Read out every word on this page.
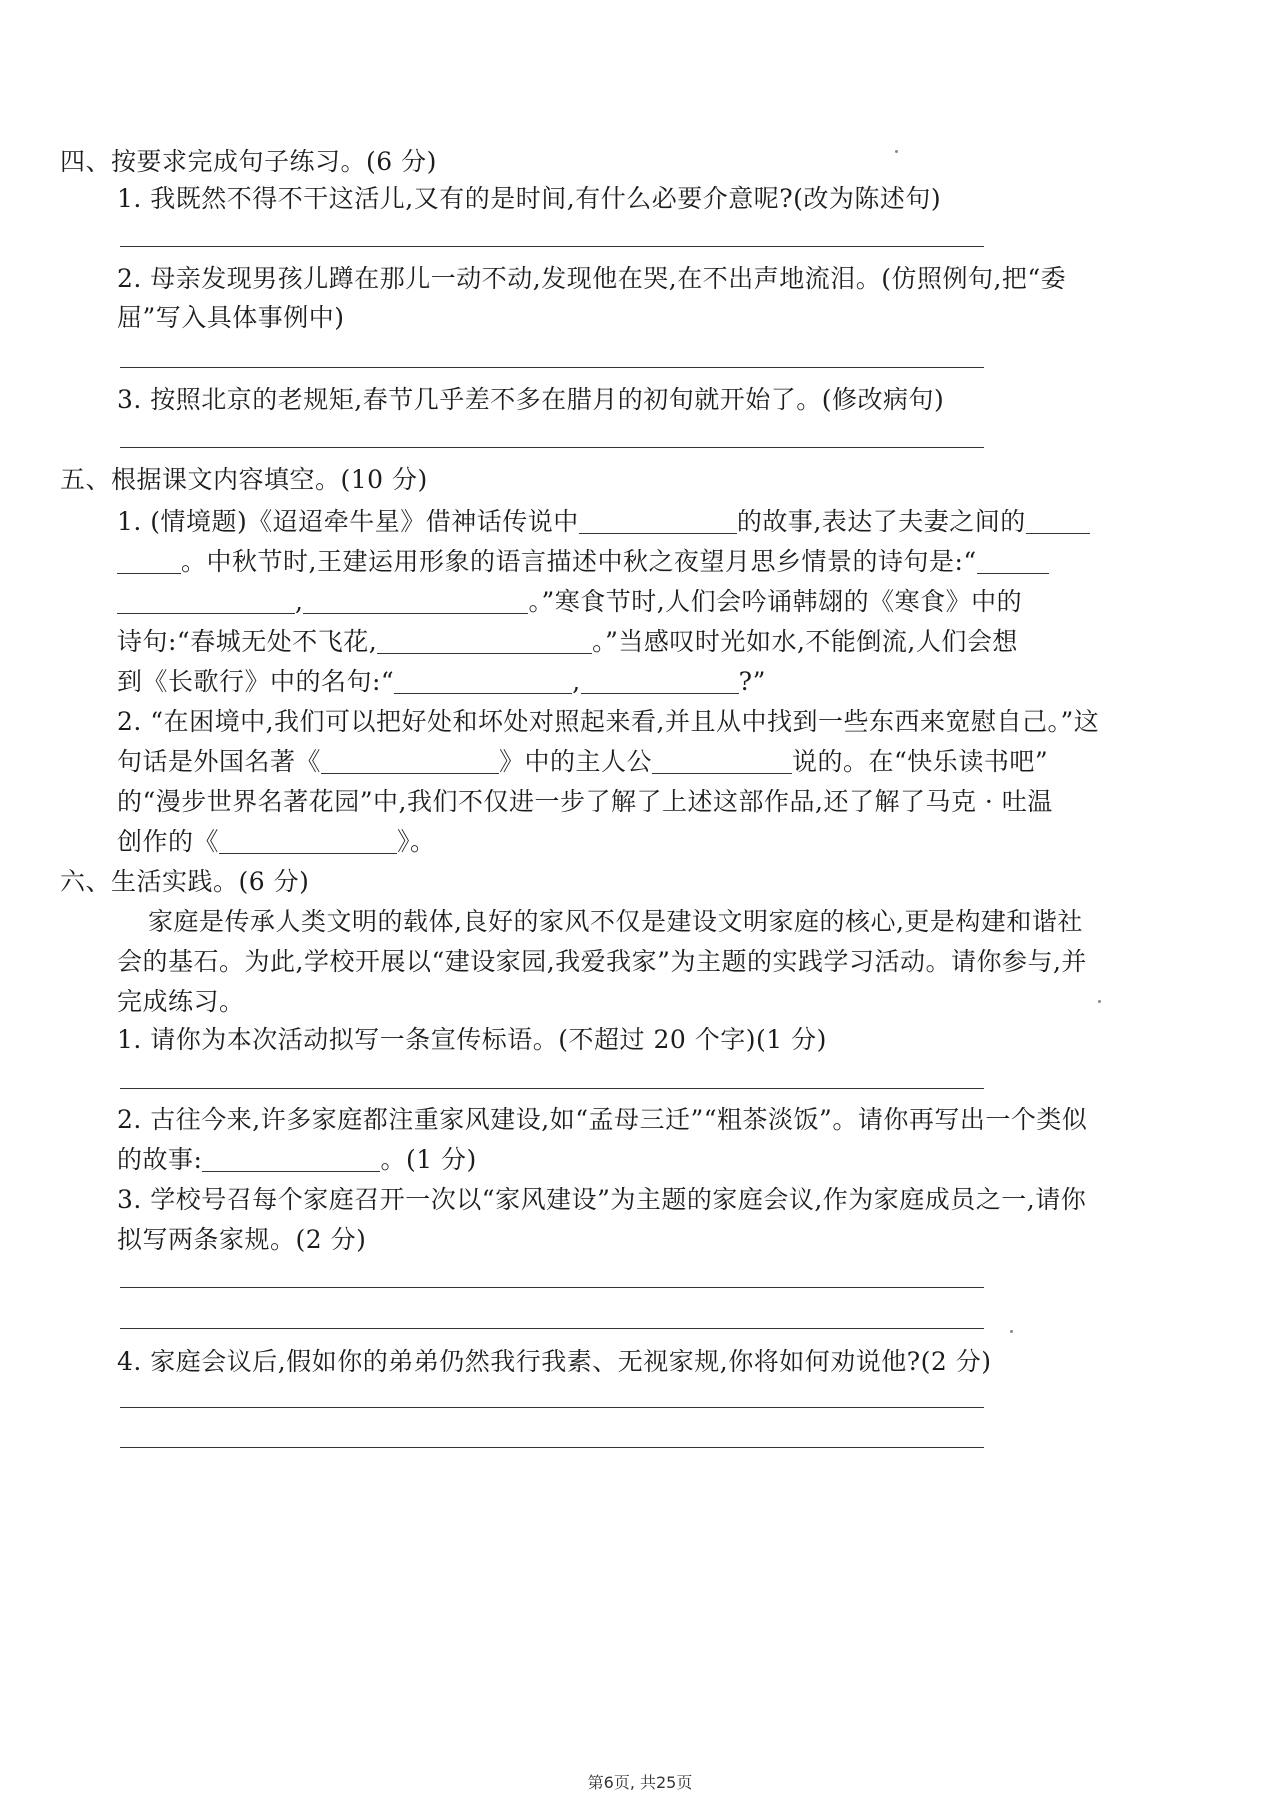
四、按要求完成句子练习。(6 分)
1. 我既然不得不干这活儿,又有的是时间,有什么必要介意呢?(改为陈述句)
2. 母亲发现男孩儿蹲在那儿一动不动,发现他在哭,在不出声地流泪。(仿照例句,把“委
屈”写入具体事例中)
3. 按照北京的老规矩,春节几乎差不多在腊月的初旬就开始了。(修改病句)
五、根据课文内容填空。(10 分)
1. (情境题)《迢迢牵牛星》借神话传说中	的故事,表达了夫妻之间的
。中秋节时,王建运用形象的语言描述中秋之夜望月思乡情景的诗句是:“
,	。”寒食节时,人们会吟诵韩翃的《寒食》中的
诗句:“春城无处不飞花,	。”当感叹时光如水,不能倒流,人们会想
到《长歌行》中的名句:“	,	?”
2. “在困境中,我们可以把好处和坏处对照起来看,并且从中找到一些东西来宽慰自己。”这
句话是外国名著《	》中的主人公	说的。在“快乐读书吧”
的“漫步世界名著花园”中,我们不仅进一步了解了上述这部作品,还了解了马克 · 吐温
创作的《	》。
六、生活实践。(6 分)
家庭是传承人类文明的载体,良好的家风不仅是建设文明家庭的核心,更是构建和谐社
会的基石。为此,学校开展以“建设家园,我爱我家”为主题的实践学习活动。请你参与,并
完成练习。
1. 请你为本次活动拟写一条宣传标语。(不超过 20 个字)(1 分)
2. 古往今来,许多家庭都注重家风建设,如“孟母三迁”“粗茶淡饭”。请你再写出一个类似
的故事:	。(1 分)
3. 学校号召每个家庭召开一次以“家风建设”为主题的家庭会议,作为家庭成员之一,请你
拟写两条家规。(2 分)
4. 家庭会议后,假如你的弟弟仍然我行我素、无视家规,你将如何劝说他?(2 分)
第6页, 共25页
